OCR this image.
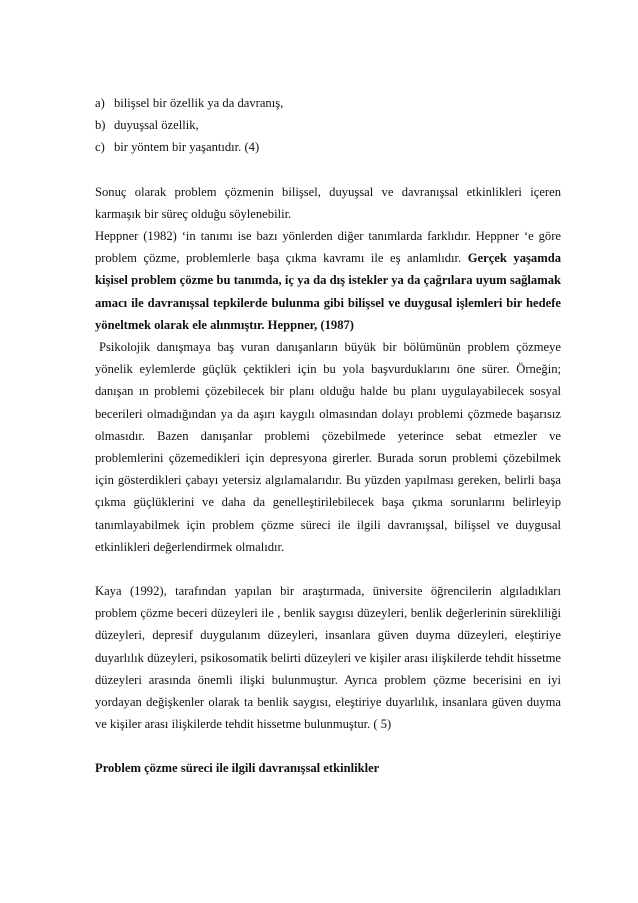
a) bilişsel bir özellik ya da davranış,
b) duyuşsal özellik,
c) bir yöntem bir yaşantıdır. (4)

Sonuç olarak problem çözmenin bilişsel, duyuşsal ve davranışsal etkinlikleri içeren karmaşık bir süreç olduğu söylenebilir.

Heppner (1982) ‘in tanımı ise bazı yönlerden diğer tanımlarda farklıdır. Heppner ‘e göre problem çözme, problemlerle başa çıkma kavramı ile eş anlamlıdır. Gerçek yaşamda kişisel problem çözme bu tanımda, iç ya da dış istekler ya da çağrılara uyum sağlamak amacı ile davranışsal tepkilerde bulunma gibi bilişsel ve duygusal işlemleri bir hedefe yöneltmek olarak ele alınmıştır. Heppner, (1987)

Psikolojik danışmaya baş vuran danışanların büyük bir bölümünün problem çözmeye yönelik eylemlerde güçlük çektikleri için bu yola başvurduklarını öne sürer. Örneğin; danışan ın problemi çözebilecek bir planı olduğu halde bu planı uygulayabilecek sosyal becerileri olmadığından ya da aşırı kaygılı olmasından dolayı problemi çözmede başarısız olmasıdır. Bazen danışanlar problemi çözebilmede yeterince sebat etmezler ve problemlerini çözemedikleri için depresyona girerler. Burada sorun problemi çözebilmek için gösterdikleri çabayı yetersiz algılamalarıdır. Bu yüzden yapılması gereken, belirli başa çıkma güçlüklerini ve daha da genelleştirilebilecek başa çıkma sorunlarını belirleyip tanımlayabilmek için problem çözme süreci ile ilgili davranışsal, bilişsel ve duygusal etkinlikleri değerlendirmek olmalıdır.

Kaya (1992), tarafından yapılan bir araştırmada, üniversite öğrencilerin algıladıkları problem çözme beceri düzeyleri ile , benlik saygısı düzeyleri, benlik değerlerinin sürekliliği düzeyleri, depresif duygulanım düzeyleri, insanlara güven duyma düzeyleri, eleştiriye duyarlılık düzeyleri, psikosomatik belirti düzeyleri ve kişiler arası ilişkilerde tehdit hissetme düzeyleri arasında önemli ilişki bulunmuştur. Ayrıca problem çözme becerisini en iyi yordayan değişkenler olarak ta benlik saygısı, eleştiriye duyarlılık, insanlara güven duyma ve kişiler arası ilişkilerde tehdit hissetme bulunmuştur. ( 5)

Problem çözme süreci ile ilgili davranışsal etkinlikler
